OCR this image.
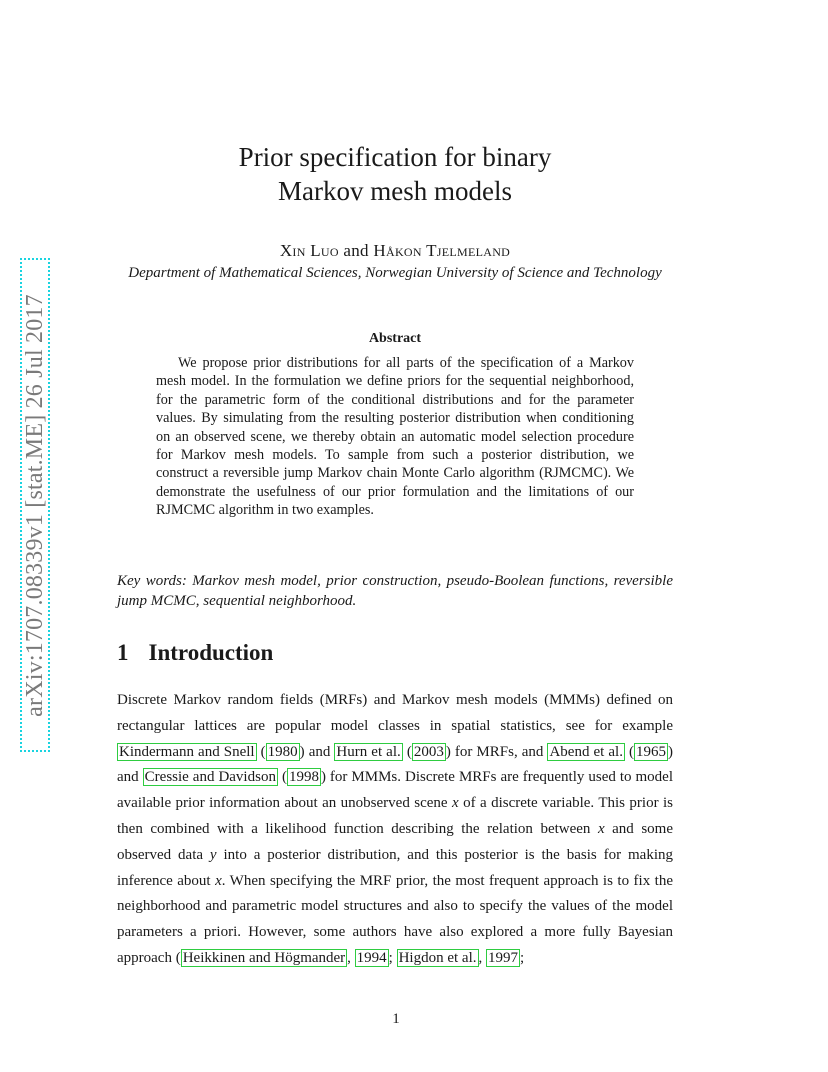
arXiv:1707.08339v1 [stat.ME] 26 Jul 2017
Prior specification for binary
Markov mesh models
Xin Luo and Håkon Tjelmeland
Department of Mathematical Sciences, Norwegian University of Science and Technology
Abstract
We propose prior distributions for all parts of the specification of a Markov mesh model. In the formulation we define priors for the sequential neighborhood, for the parametric form of the conditional distributions and for the parameter values. By simulating from the resulting posterior distribution when conditioning on an observed scene, we thereby obtain an automatic model selection procedure for Markov mesh models. To sample from such a posterior distribution, we construct a reversible jump Markov chain Monte Carlo algorithm (RJMCMC). We demonstrate the usefulness of our prior formulation and the limitations of our RJMCMC algorithm in two examples.
Key words: Markov mesh model, prior construction, pseudo-Boolean functions, reversible jump MCMC, sequential neighborhood.
1 Introduction
Discrete Markov random fields (MRFs) and Markov mesh models (MMMs) defined on rectangular lattices are popular model classes in spatial statistics, see for example Kindermann and Snell ( 1980 ) and Hurn et al. ( 2003 ) for MRFs, and Abend et al. ( 1965 ) and Cressie and Davidson ( 1998 ) for MMMs. Discrete MRFs are frequently used to model available prior information about an unobserved scene x of a discrete variable. This prior is then combined with a likelihood function describing the relation between x and some observed data y into a posterior distribution, and this posterior is the basis for making inference about x. When specifying the MRF prior, the most frequent approach is to fix the neighborhood and parametric model structures and also to specify the values of the model parameters a priori. However, some authors have also explored a more fully Bayesian approach ( Heikkinen and Högmander , 1994 ; Higdon et al. , 1997 ;
1
